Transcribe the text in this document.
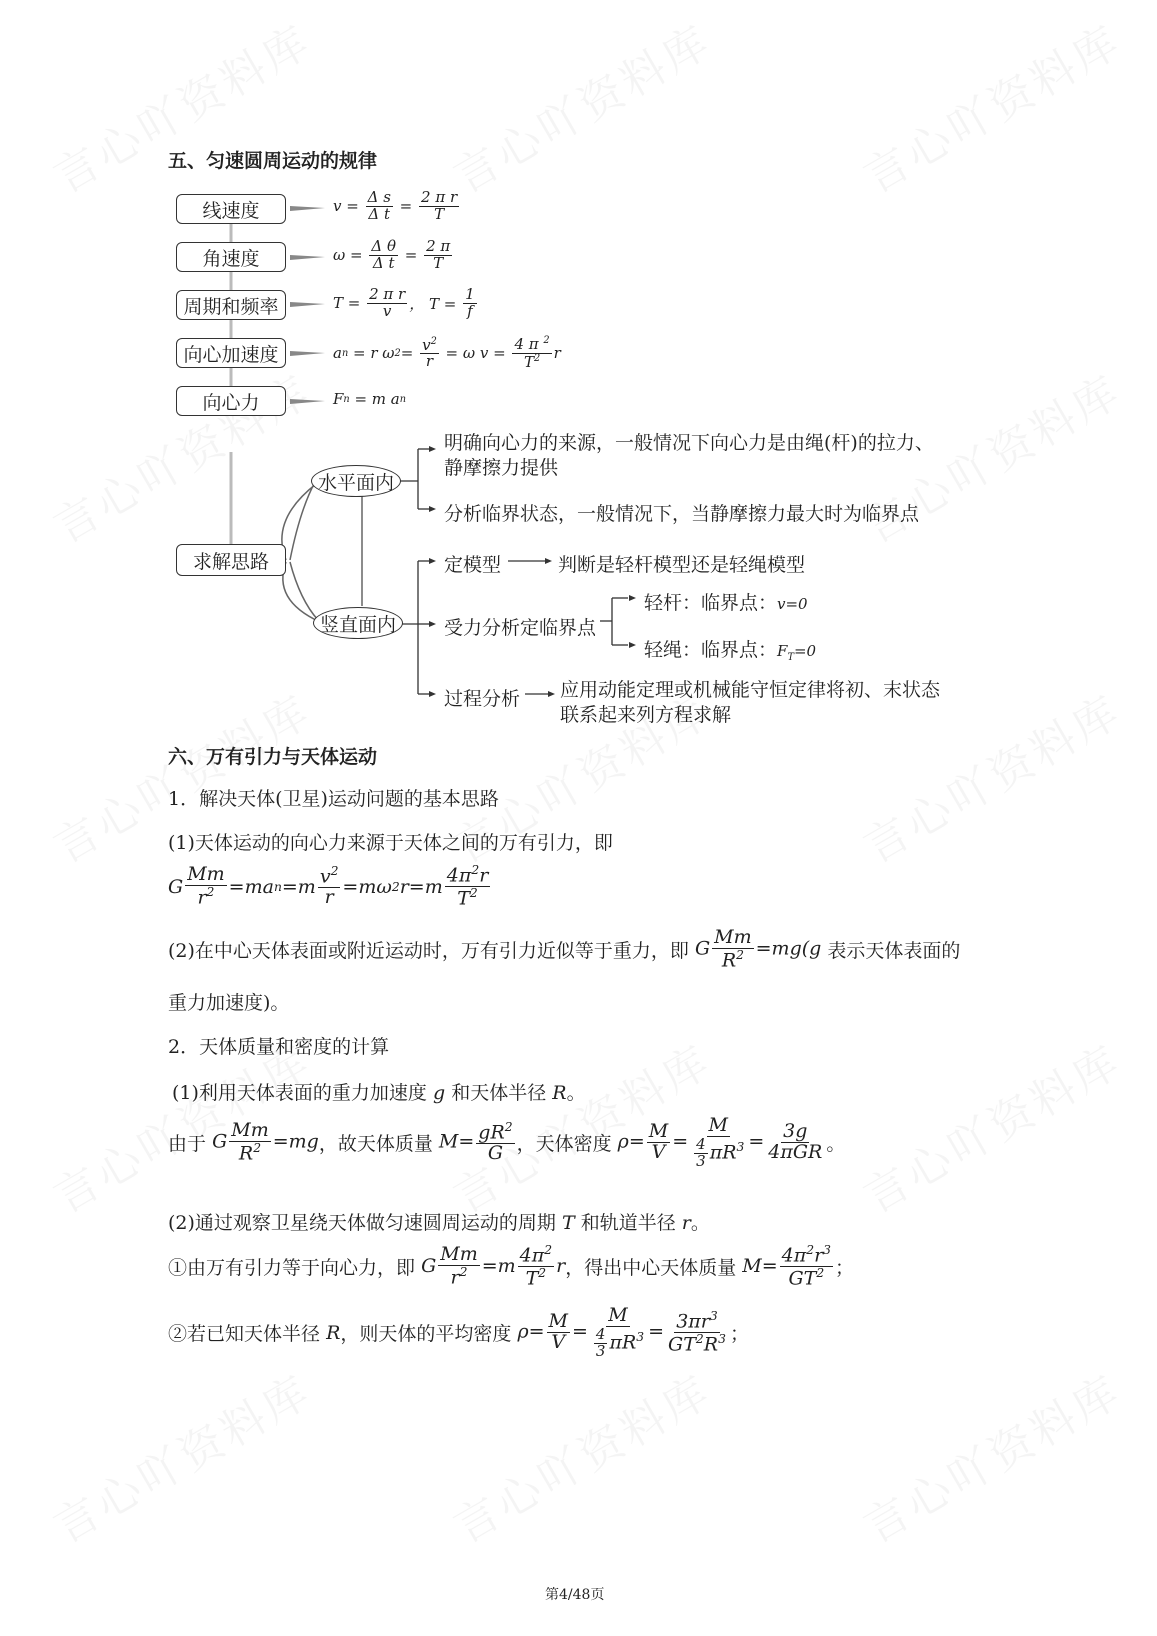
五、匀速圆周运动的规律
线速度
角速度
周期和频率
向心加速度
向心力
求解思路
水平面内
竖直面内
$v = \frac{\text{Δ s}}{\text{Δ t}} = \frac{\text{2 π r}}{T}$
$\omega = \frac{\text{Δ θ}}{\text{Δ t}} = \frac{2 \pi}{T}$
$T = \frac{\text{2 π r}}{v}$ ， $T = \frac{1}{f}$
a n = r ω $2 = \frac{v^2}{r} = \omega$ $v = \frac{4 \pi ^2}{T^2}$ r
F n = m a n
明确向心力的来源，一般情况下向心力是由绳(杆)的拉力、
静摩擦力提供
分析临界状态，一般情况下，当静摩擦力最大时为临界点
定模型	判断是轻杆模型还是轻绳模型
受力分析定临界点
轻杆：临界点：v=0
轻绳：临界点：$F_T=0$
过程分析 应用动能定理或机械能守恒定律将初、末状态
联系起来列方程求解
六、万有引力与天体运动
1．解决天体(卫星)运动问题的基本思路
(1)天体运动的向心力来源于天体之间的万有引力，即
G $\frac{Mm}{r^2} =ma$ $n =m \frac{v^2}{r} =m\omega$ 2 $r=m \frac{4\pi^2r}{T^2}$
(2)在中心天体表面或附近运动时，万有引力近似等于重力，即
G $\frac{Mm}{R^2} =mg(g$
表示天体表面的
重力加速度)。
2．天体质量和密度的计算
(1)利用天体表面的重力加速度 g 和天体半径 R。
由于
G $\frac{Mm}{R^2} =mg$ ，故天体质量
$M= \frac{gR^2}{G}$ ，天体密度
$\rho= \frac{M}{V} = \frac{M}{\frac{4}{3} \pi R^3} = \frac{3g}{\text{4πGR}}$ 。
(2)通过观察卫星绕天体做匀速圆周运动的周期 T 和轨道半径 r。
①由万有引力等于向心力，即
G $\frac{Mm}{r^2} =m \frac{4\pi^2}{T^2}$ r ，得出中心天体质量
$M= \frac{4\pi^2r^3}{GT^2}$ ；
②若已知天体半径
R ，则天体的平均密度
$\rho= \frac{M}{V} = \frac{M}{\frac{4}{3} \pi R^3} = \frac{3\pi r^3}{GT^2R^3}$ ；
第4/48页
